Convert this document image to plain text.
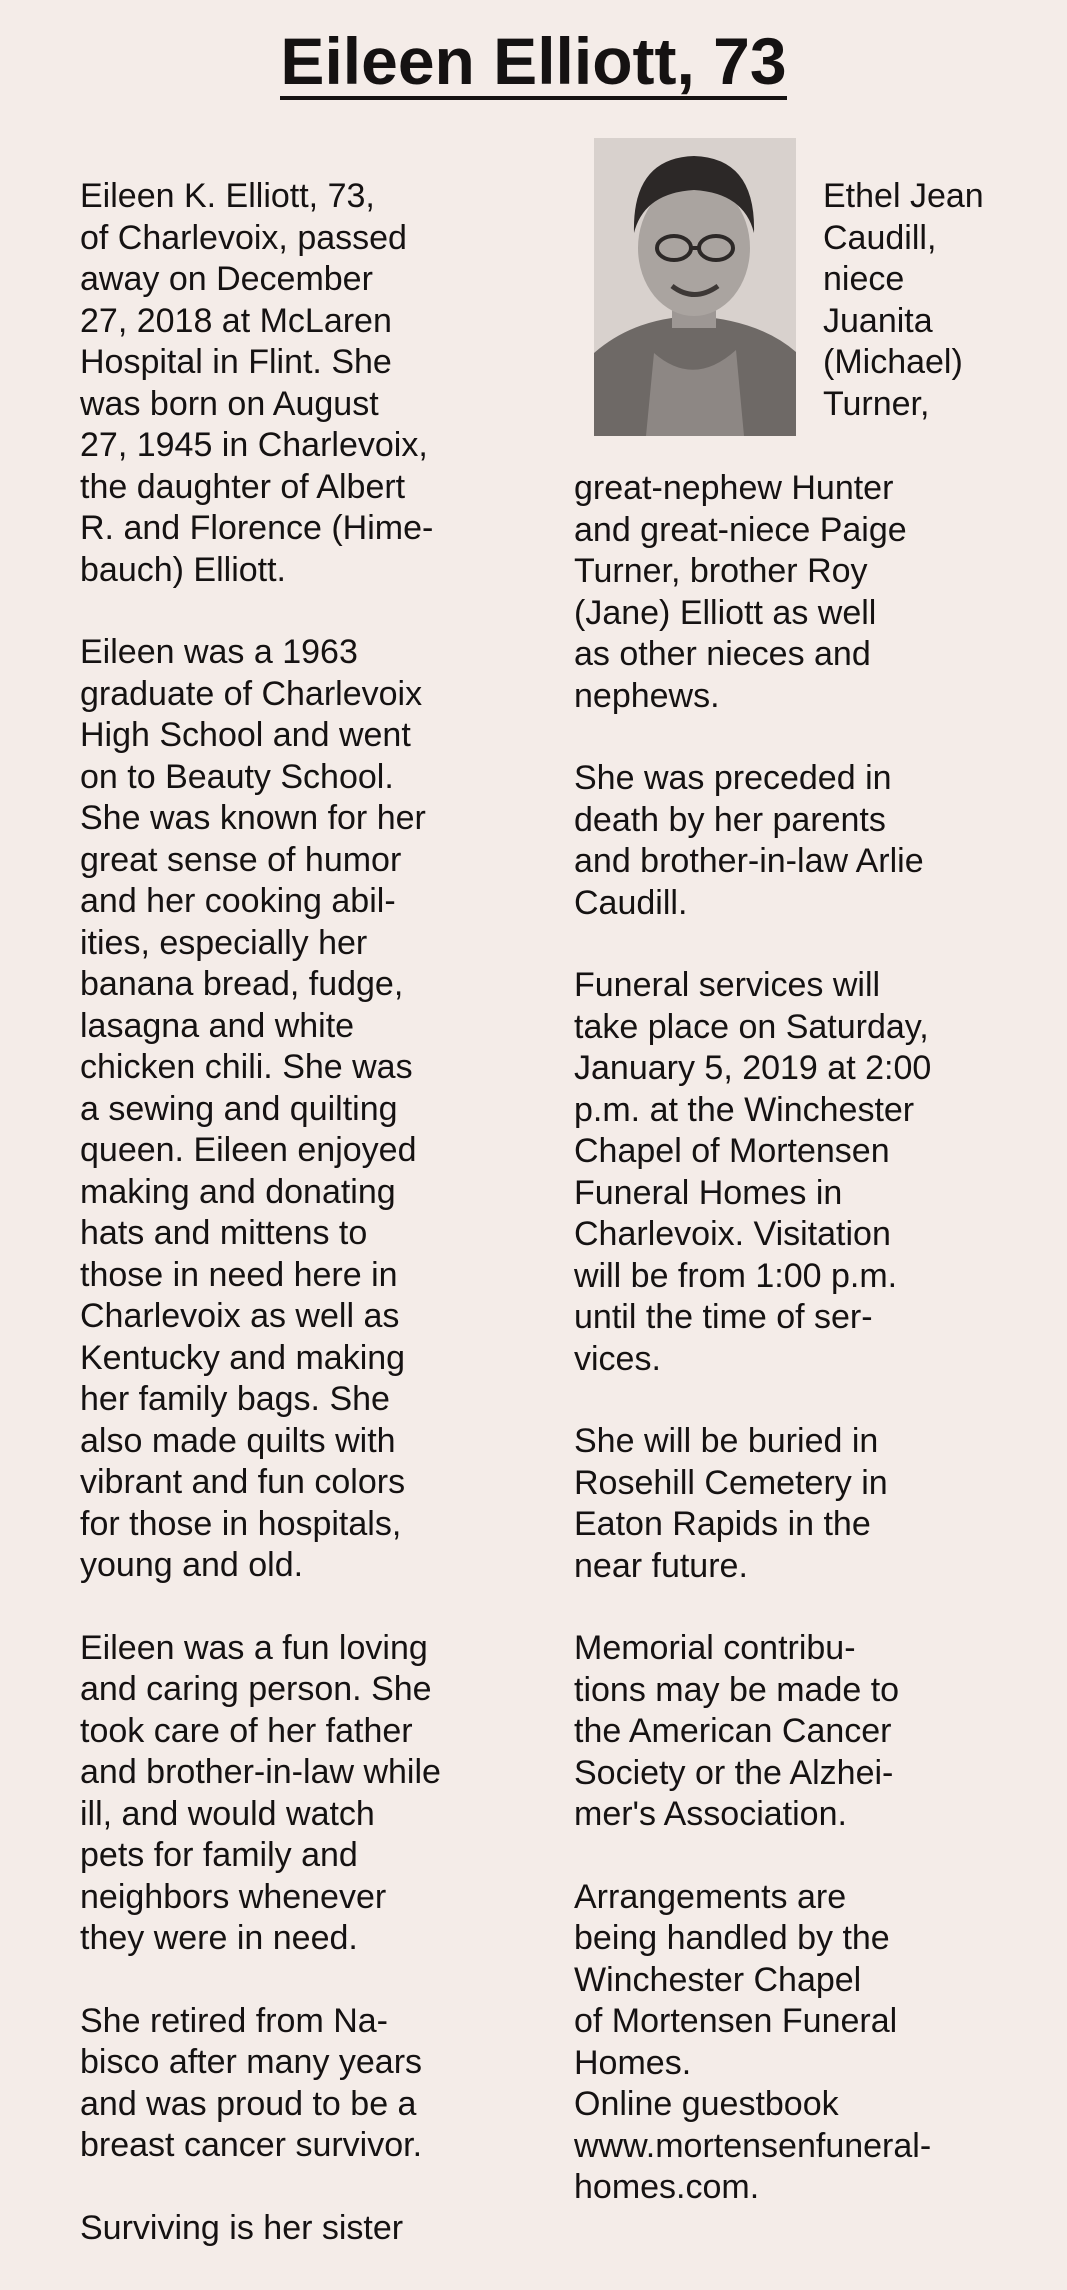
Eileen Elliott, 73
Ethel Jean
Caudill,
niece
Juanita
(Michael)
Turner,

Eileen K. Elliott, 73,
of Charlevoix, passed
away on December
27, 2018 at McLaren
Hospital in Flint. She
was born on August
27, 1945 in Charlevoix,
the daughter of Albert
R. and Florence (Hime-
bauch) Elliott.

Eileen was a 1963
graduate of Charlevoix
High School and went
on to Beauty School.
She was known for her
great sense of humor
and her cooking abil-
ities, especially her
banana bread, fudge,
lasagna and white
chicken chili. She was
a sewing and quilting
queen. Eileen enjoyed
making and donating
hats and mittens to
those in need here in
Charlevoix as well as
Kentucky and making
her family bags. She
also made quilts with
vibrant and fun colors
for those in hospitals,
young and old.

Eileen was a fun loving
and caring person. She
took care of her father
and brother-in-law while
ill, and would watch
pets for family and
neighbors whenever
they were in need.

She retired from Na-
bisco after many years
and was proud to be a
breast cancer survivor.

Surviving is her sister

great-nephew Hunter
and great-niece Paige
Turner, brother Roy
(Jane) Elliott as well
as other nieces and
nephews.

She was preceded in
death by her parents
and brother-in-law Arlie
Caudill.

Funeral services will
take place on Saturday,
January 5, 2019 at 2:00
p.m. at the Winchester
Chapel of Mortensen
Funeral Homes in
Charlevoix. Visitation
will be from 1:00 p.m.
until the time of ser-
vices.

She will be buried in
Rosehill Cemetery in
Eaton Rapids in the
near future.

Memorial contribu-
tions may be made to
the American Cancer
Society or the Alzhei-
mer's Association.

Arrangements are
being handled by the
Winchester Chapel
of Mortensen Funeral
Homes.
Online guestbook
www.mortensenfuneral-
homes.com.
